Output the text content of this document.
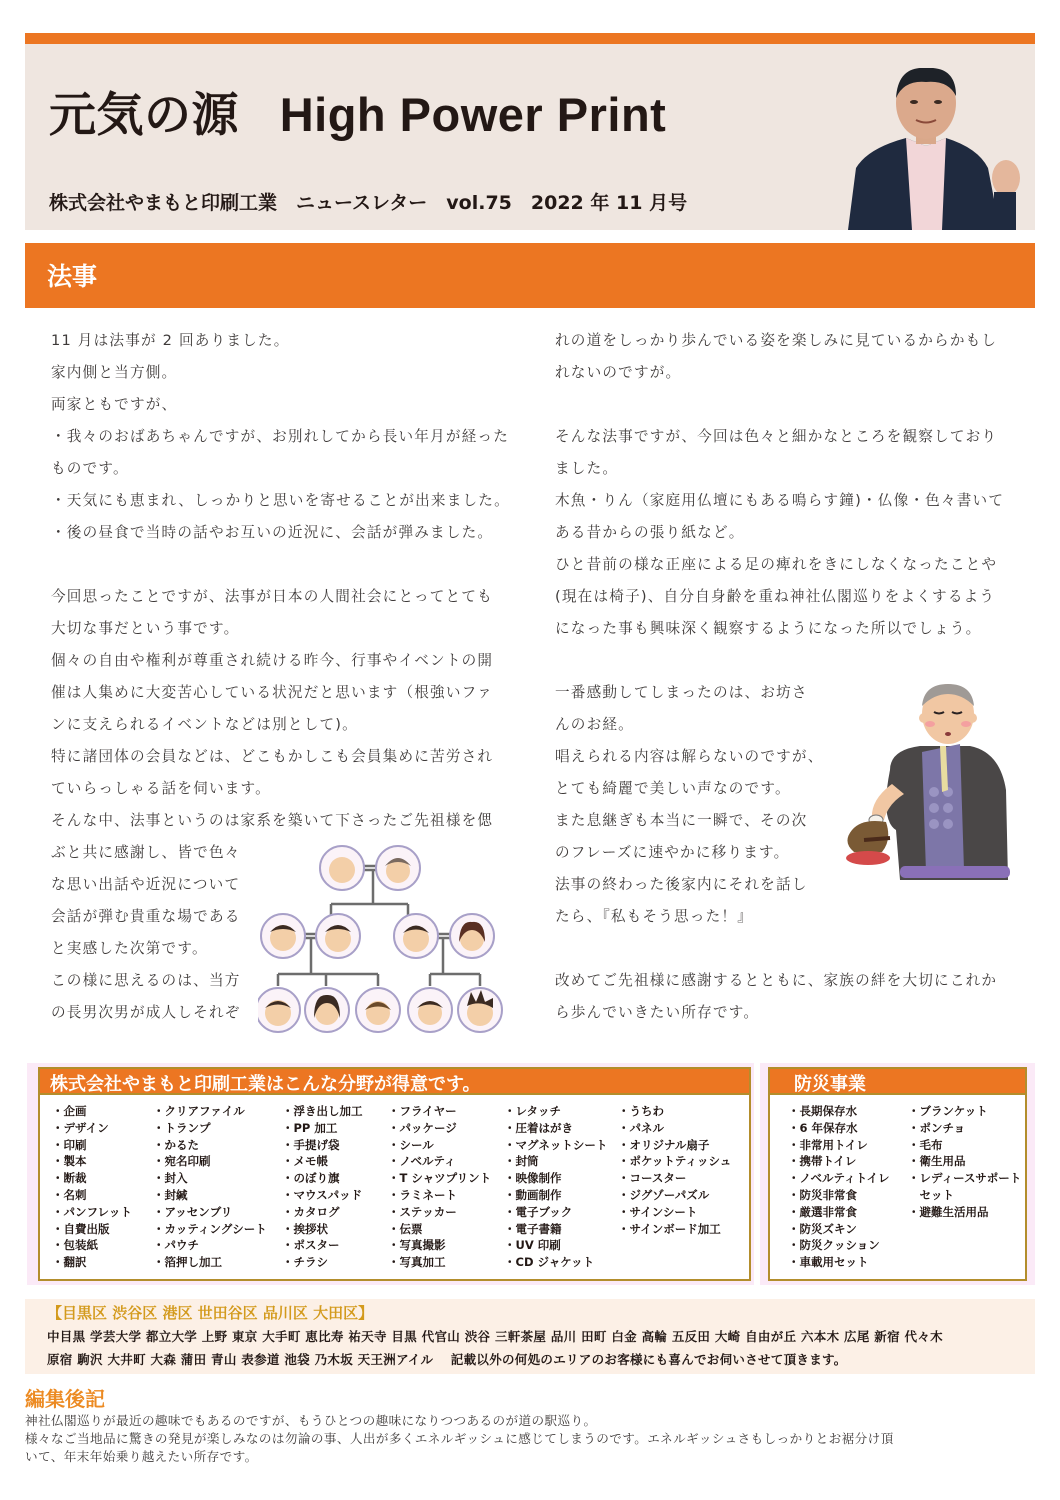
元気の源 High Power Print
株式会社やまもと印刷工業　ニュースレター　vol.75　2022 年 11 月号
法事

11 月は法事が 2 回ありました。

家内側と当方側。

両家ともですが、

・我々のおばあちゃんですが、お別れしてから長い年月が経った

ものです。

・天気にも恵まれ、しっかりと思いを寄せることが出来ました。

・後の昼食で当時の話やお互いの近況に、会話が弾みました。

今回思ったことですが、法事が日本の人間社会にとってとても

大切な事だという事です。

個々の自由や権利が尊重され続ける昨今、行事やイベントの開

催は人集めに大変苦心している状況だと思います（根強いファ

ンに支えられるイベントなどは別として)。

特に諸団体の会員などは、どこもかしこも会員集めに苦労され

ていらっしゃる話を伺います。

そんな中、法事というのは家系を築いて下さったご先祖様を偲

ぶと共に感謝し、皆で色々

な思い出話や近況について

会話が弾む貴重な場である

と実感した次第です。

この様に思えるのは、当方

の長男次男が成人しそれぞ

れの道をしっかり歩んでいる姿を楽しみに見ているからかもし

れないのですが。

そんな法事ですが、今回は色々と細かなところを観察しており

ました。

木魚・りん（家庭用仏壇にもある鳴らす鐘)・仏像・色々書いて

ある昔からの張り紙など。

ひと昔前の様な正座による足の痺れをきにしなくなったことや

(現在は椅子)、自分自身齢を重ね神社仏閣巡りをよくするよう

になった事も興味深く観察するようになった所以でしょう。

一番感動してしまったのは、お坊さ

んのお経。

唱えられる内容は解らないのですが、

とても綺麗で美しい声なのです。

また息継ぎも本当に一瞬で、その次

のフレーズに速やかに移ります。

法事の終わった後家内にそれを話し

たら、『私もそう思った！』

改めてご先祖様に感謝するとともに、家族の絆を大切にこれか

ら歩んでいきたい所存です。

株式会社やまもと印刷工業はこんな分野が得意です。
・企画
・デザイン
・印刷
・製本
・断裁
・名刺
・パンフレット
・自費出版
・包装紙
・翻訳
・クリアファイル
・トランプ
・かるた
・宛名印刷
・封入
・封緘
・アッセンブリ
・カッティングシート
・パウチ
・箔押し加工
・浮き出し加工
・PP 加工
・手提げ袋
・メモ帳
・のぼり旗
・マウスパッド
・カタログ
・挨拶状
・ポスター
・チラシ
・フライヤー
・パッケージ
・シール
・ノベルティ
・T シャツプリント
・ラミネート
・ステッカー
・伝票
・写真撮影
・写真加工
・レタッチ
・圧着はがき
・マグネットシート
・封筒
・映像制作
・動画制作
・電子ブック
・電子書籍
・UV 印刷
・CD ジャケット
・うちわ
・パネル
・オリジナル扇子
・ポケットティッシュ
・コースター
・ジグゾーパズル
・サインシート
・サインボード加工
防災事業
・長期保存水
・6 年保存水
・非常用トイレ
・携帯トイレ
・ノベルティトイレ
・防災非常食
・厳選非常食
・防災ズキン
・防災クッション
・車載用セット
・ブランケット
・ポンチョ
・毛布
・衛生用品
・レディースサポート
　セット
・避難生活用品
【目黒区 渋谷区 港区 世田谷区 品川区 大田区】
中目黒 学芸大学 都立大学 上野 東京 大手町 恵比寿 祐天寺 目黒 代官山 渋谷 三軒茶屋 品川 田町 白金 高輪 五反田 大崎 自由が丘 六本木 広尾 新宿 代々木
原宿 駒沢 大井町 大森 蒲田 青山 表参道 池袋 乃木坂 天王洲アイル　 記載以外の何処のエリアのお客様にも喜んでお伺いさせて頂きます。
編集後記

神社仏閣巡りが最近の趣味でもあるのですが、もうひとつの趣味になりつつあるのが道の駅巡り。

様々なご当地品に驚きの発見が楽しみなのは勿論の事、人出が多くエネルギッシュに感じてしまうのです。エネルギッシュさもしっかりとお裾分け頂

いて、年末年始乗り越えたい所存です。
